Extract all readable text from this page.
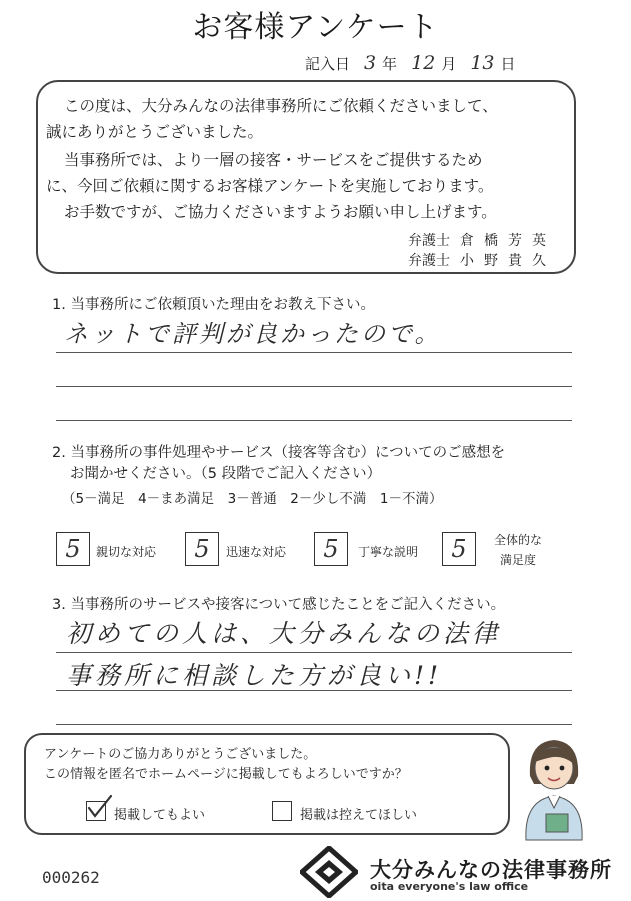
お客様アンケート
記入日 3 年 12 月 13 日
この度は、大分みんなの法律事務所にご依頼くださいまして、
誠にありがとうございました。
当事務所では、より一層の接客・サービスをご提供するため
に、今回ご依頼に関するお客様アンケートを実施しております。
お手数ですが、ご協力くださいますようお願い申し上げます。
弁護士 倉橋芳英
弁護士 小野貴久
1. 当事務所にご依頼頂いた理由をお教え下さい。
ネットで評判が良かったので。
2. 当事務所の事件処理やサービス（接客等含む）についてのご感想を
お聞かせください。（5 段階でご記入ください）
（5－満足　4－まあ満足　3－普通　2－少し不満　1－不満）
5	親切な対応	5	迅速な対応	5	丁寧な説明	5	全体的な
満足度
3. 当事務所のサービスや接客について感じたことをご記入ください。
初めての人は、大分みんなの法律
事務所に相談した方が良い!!
アンケートのご協力ありがとうございました。
この情報を匿名でホームページに掲載してもよろしいですか？
掲載してもよい	掲載は控えてほしい
000262	大分みんなの法律事務所
oita everyone's law office
